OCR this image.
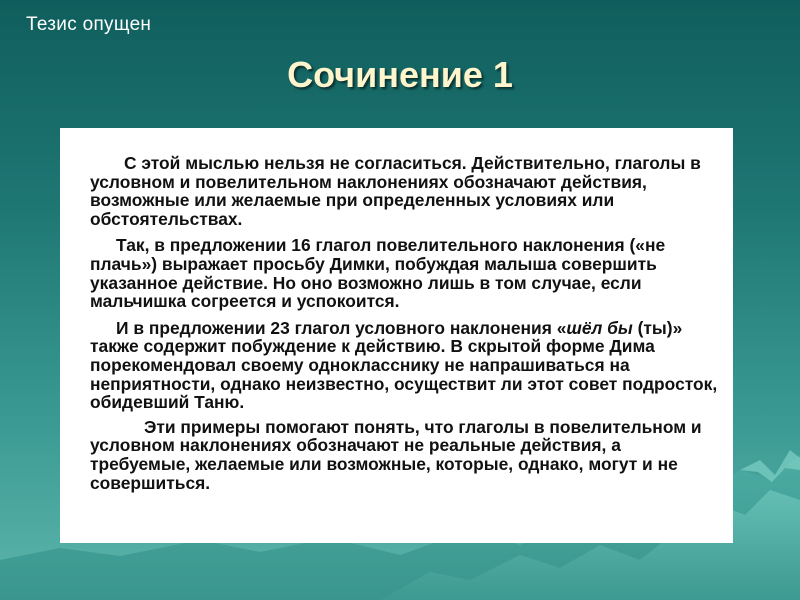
Тезис опущен
Сочинение 1

С этой мыслью нельзя не согласиться. Действительно, глаголы в условном и повелительном наклонениях обозначают действия, возможные или желаемые при определенных условиях или обстоятельствах.

Так, в предложении 16 глагол повелительного наклонения («не плачь») выражает просьбу Димки, побуждая малыша совершить указанное действие. Но оно возможно лишь в том случае, если мальчишка согреется и успокоится.

И в предложении 23 глагол условного наклонения «шёл бы (ты)» также содержит побуждение к действию. В скрытой форме Дима порекомендовал своему однокласснику не напрашиваться на неприятности, однако неизвестно, осуществит ли этот совет подросток, обидевший Таню.

Эти примеры помогают понять, что глаголы в повелительном и условном наклонениях обозначают не реальные действия, а требуемые, желаемые или возможные, которые, однако, могут и не совершиться.
